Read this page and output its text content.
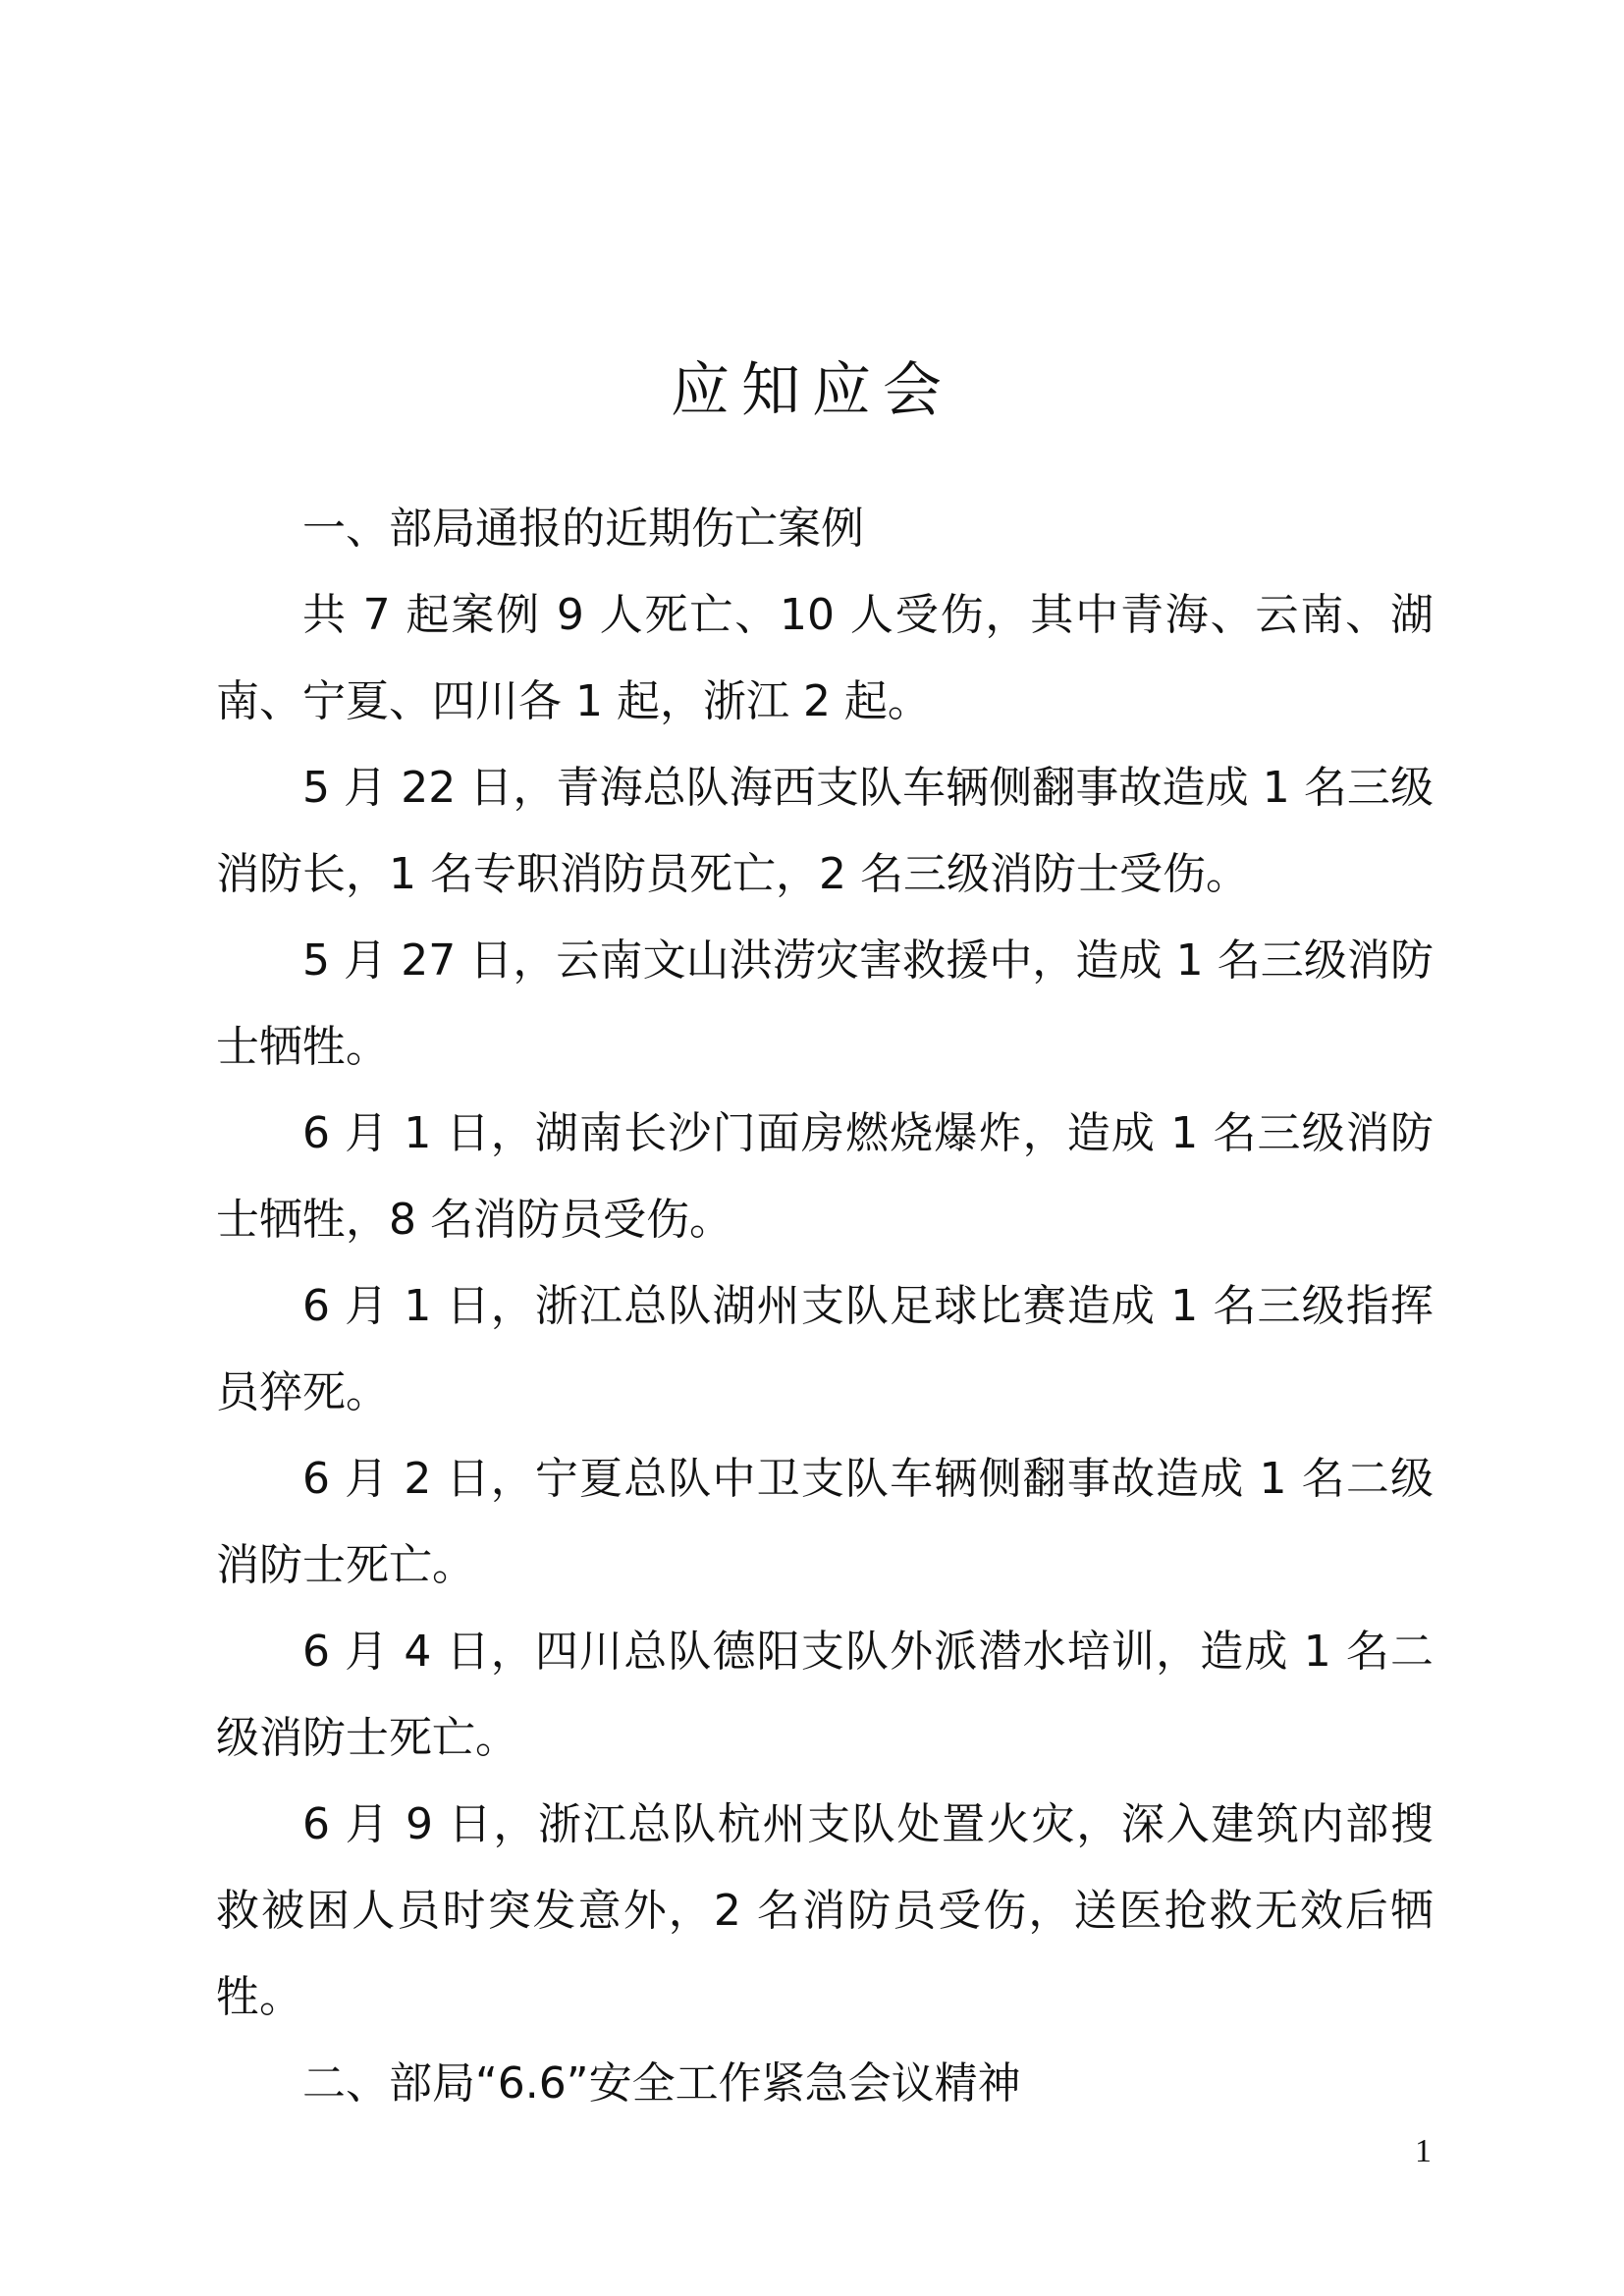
应知应会

一、部局通报的近期伤亡案例

共 7 起案例 9 人死亡、10 人受伤，其中青海、云南、湖南、宁夏、四川各 1 起，浙江 2 起。

5 月 22 日，青海总队海西支队车辆侧翻事故造成 1 名三级消防长，1 名专职消防员死亡，2 名三级消防士受伤。

5 月 27 日，云南文山洪涝灾害救援中，造成 1 名三级消防士牺牲。

6 月 1 日，湖南长沙门面房燃烧爆炸，造成 1 名三级消防士牺牲，8 名消防员受伤。

6 月 1 日，浙江总队湖州支队足球比赛造成 1 名三级指挥员猝死。

6 月 2 日，宁夏总队中卫支队车辆侧翻事故造成 1 名二级消防士死亡。

6 月 4 日，四川总队德阳支队外派潜水培训，造成 1 名二级消防士死亡。

6 月 9 日，浙江总队杭州支队处置火灾，深入建筑内部搜救被困人员时突发意外，2 名消防员受伤，送医抢救无效后牺牲。

二、部局“6.6”安全工作紧急会议精神

1
